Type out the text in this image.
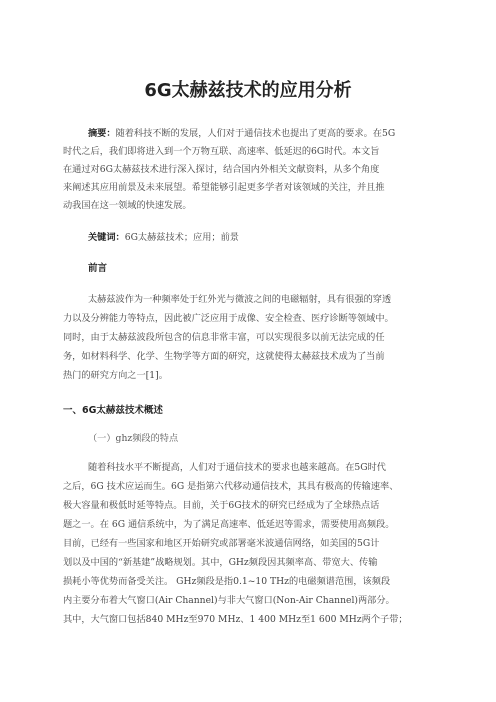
6G太赫兹技术的应用分析
摘要：随着科技不断的发展，人们对于通信技术也提出了更高的要求。在5G
时代之后，我们即将进入到一个万物互联、高速率、低延迟的6G时代。本文旨
在通过对6G太赫兹技术进行深入探讨，结合国内外相关文献资料，从多个角度
来阐述其应用前景及未来展望。希望能够引起更多学者对该领域的关注，并且推
动我国在这一领域的快速发展。
关键词：6G太赫兹技术；应用；前景
前言
太赫兹波作为一种频率处于红外光与微波之间的电磁辐射，具有很强的穿透
力以及分辨能力等特点，因此被广泛应用于成像、安全检查、医疗诊断等领域中。
同时，由于太赫兹波段所包含的信息非常丰富，可以实现很多以前无法完成的任
务，如材料科学、化学、生物学等方面的研究，这就使得太赫兹技术成为了当前
热门的研究方向之一[1]。
一、6G太赫兹技术概述
（一）ghz频段的特点
随着科技水平不断提高，人们对于通信技术的要求也越来越高。在5G时代
之后，6G 技术应运而生。6G 是指第六代移动通信技术，其具有极高的传输速率、
极大容量和极低时延等特点。目前，关于6G技术的研究已经成为了全球热点话
题之一。在 6G 通信系统中，为了满足高速率、低延迟等需求，需要使用高频段。
目前，已经有一些国家和地区开始研究或部署毫米波通信网络，如美国的5G计
划以及中国的“新基建”战略规划。其中，GHz频段因其频率高、带宽大、传输
损耗小等优势而备受关注。 GHz频段是指0.1~10 THz的电磁频谱范围，该频段
内主要分布着大气窗口(Air Channel)与非大气窗口(Non-Air Channel)两部分。
其中，大气窗口包括840 MHz至970 MHz、1 400 MHz至1 600 MHz两个子带；
